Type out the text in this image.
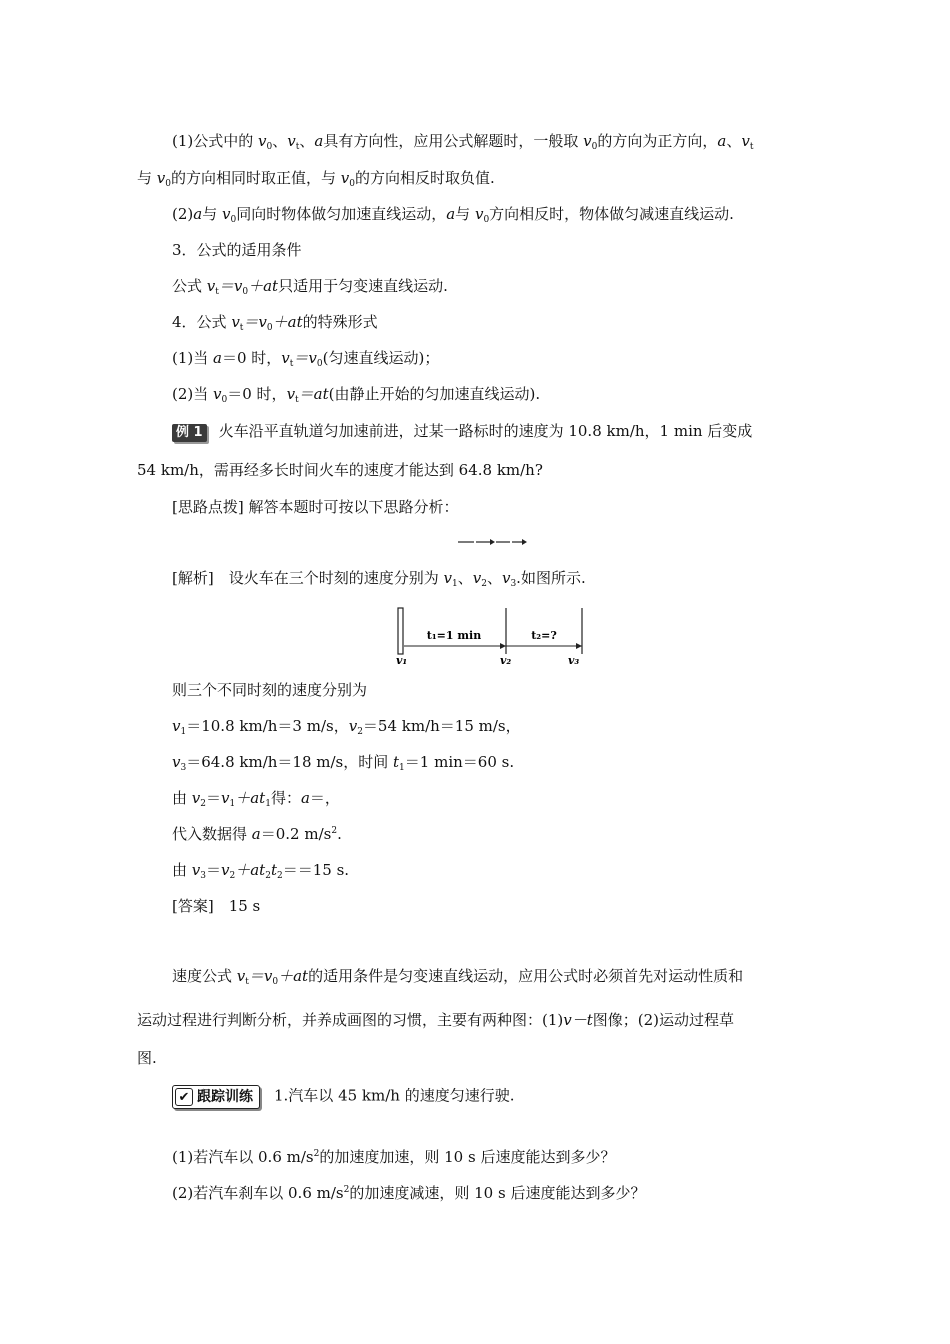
(1)公式中的 $v_0$、$v_t$、a具有方向性，应用公式解题时，一般取 $v_0$的方向为正方向，a、$v_t$
与 $v_0$的方向相同时取正值，与 $v_0$的方向相反时取负值.
(2)a与 $v_0$同向时物体做匀加速直线运动，a与 $v_0$方向相反时，物体做匀减速直线运动.
3．公式的适用条件
公式 $v_t=v_0+at$只适用于匀变速直线运动.
4．公式 $v_t=v_0+at$的特殊形式
(1)当 a＝0 时，$v_t=v_0$(匀速直线运动)；
(2)当 $v_0=0$ 时，$v_t=at$(由静止开始的匀加速直线运动).
例 1 火车沿平直轨道匀加速前进，过某一路标时的速度为 10.8 km/h，1 min 后变成
54 km/h，需再经多长时间火车的速度才能达到 64.8 km/h?
[思路点拨] 解答本题时可按以下思路分析：
[解析]　设火车在三个时刻的速度分别为 $v_1$、$v_2$、$v_3$.如图所示.
t₁=1 min	t₂=?
v₁	v₂	v₃
则三个不同时刻的速度分别为
$v_1=10.8$ km/h＝3 m/s，$v_2=54$ km/h＝15 m/s，
$v_3=64.8$ km/h＝18 m/s，时间 $t_1=1$ min＝60 s.
由 $v_2=v_1+at_1$得：a＝，
代入数据得 a＝0.2 $m/s^2$.
由 $v_3=v_2+at_2t_2==15$ s.
[答案]　15 s
速度公式 $v_t=v_0+at$的适用条件是匀变速直线运动，应用公式时必须首先对运动性质和
运动过程进行判断分析，并养成画图的习惯，主要有两种图：(1)v－t图像；(2)运动过程草
图.
✔ 跟踪训练 1.汽车以 45 km/h 的速度匀速行驶.
(1)若汽车以 0.6 $m/s^2$的加速度加速，则 10 s 后速度能达到多少？
(2)若汽车刹车以 0.6 $m/s^2$的加速度减速，则 10 s 后速度能达到多少？
